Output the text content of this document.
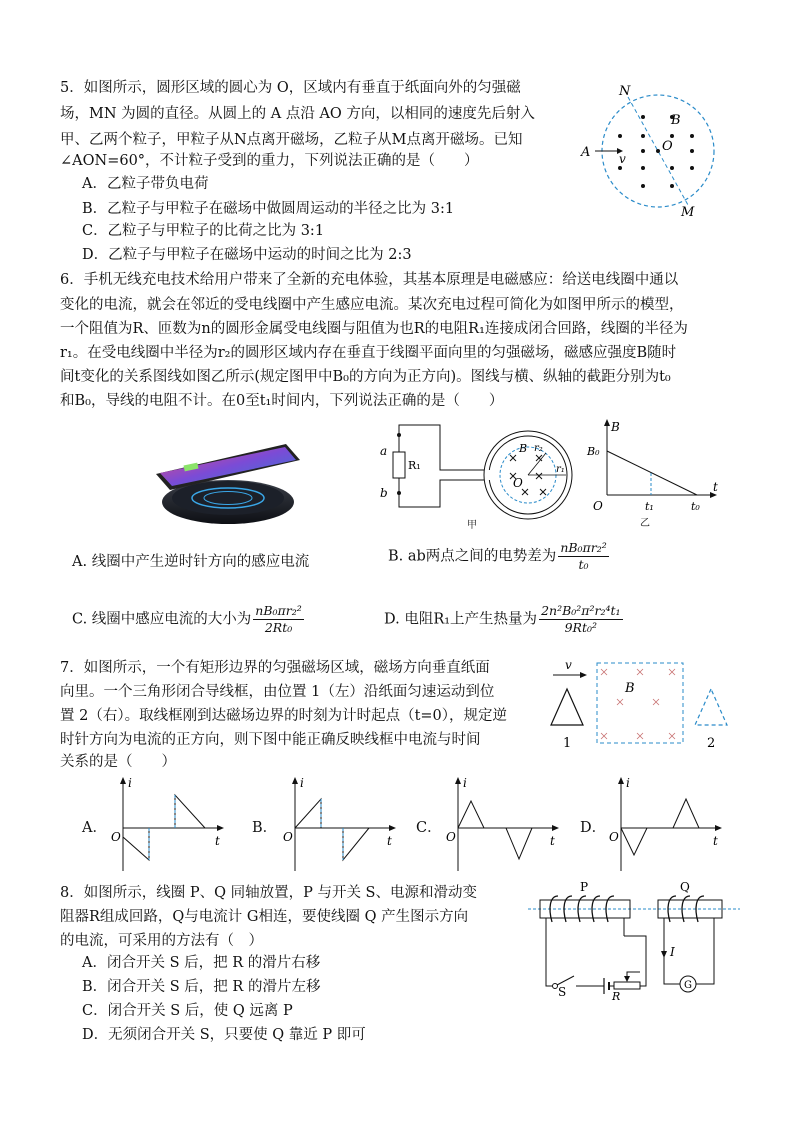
5．如图所示，圆形区域的圆心为 O，区域内有垂直于纸面向外的匀强磁
场，MN 为圆的直径。从圆上的 A 点沿 AO 方向，以相同的速度先后射入
甲、乙两个粒子，甲粒子从N点离开磁场，乙粒子从M点离开磁场。已知
∠AON=60°，不计粒子受到的重力，下列说法正确的是（　　）
A．乙粒子带负电荷
B．乙粒子与甲粒子在磁场中做圆周运动的半径之比为 3:1
C．乙粒子与甲粒子的比荷之比为 3:1
D．乙粒子与甲粒子在磁场中运动的时间之比为 2:3
N
M
A	O
B
v
6．手机无线充电技术给用户带来了全新的充电体验，其基本原理是电磁感应：给送电线圈中通以
变化的电流，就会在邻近的受电线圈中产生感应电流。某次充电过程可简化为如图甲所示的模型，
一个阻值为R、匝数为n的圆形金属受电线圈与阻值为也R的电阻R₁连接成闭合回路，线圈的半径为
r₁。在受电线圈中半径为r₂的圆形区域内存在垂直于线圈平面向里的匀强磁场，磁感应强度B随时
间t变化的关系图线如图乙所示(规定图甲中B₀的方向为正方向)。图线与横、纵轴的截距分别为t₀
和B₀，导线的电阻不计。在0至t₁时间内，下列说法正确的是（　　）
a
b
R₁
B r₂
r₁
O
甲
B
B₀
O	t₁	t₀
t
乙
A. 线圈中产生逆时针方向的感应电流	B. ab两点之间的电势差为 $\frac{\text{nB₀πr₂²}}{\text{t₀}}$
C. 线圈中感应电流的大小为 $\frac{\text{nB₀πr₂²}}{\text{2Rt₀}}$	D. 电阻R₁上产生热量为 $\frac{\text{2n²B₀²π²r₂⁴t₁}}{\text{9Rt₀²}}$
7．如图所示，一个有矩形边界的匀强磁场区域，磁场方向垂直纸面
向里。一个三角形闭合导线框，由位置 1（左）沿纸面匀速运动到位
置 2（右）。取线框刚到达磁场边界的时刻为计时起点（t=0），规定逆
时针方向为电流的正方向，则下图中能正确反映线框中电流与时间
关系的是（　　）
v
1
B
2
A．
i
O	t
B．
i
O	t
C．
i
O	t
D．
i
O	t
8．如图所示，线圈 P、Q 同轴放置，P 与开关 S、电源和滑动变
阻器R组成回路，Q与电流计 G相连，要使线圈 Q 产生图示方向
的电流，可采用的方法有（　）
A．闭合开关 S 后，把 R 的滑片右移
B．闭合开关 S 后，把 R 的滑片左移
C．闭合开关 S 后，使 Q 远离 P
D．无须闭合开关 S，只要使 Q 靠近 P 即可
P	Q
I
S	R
G
